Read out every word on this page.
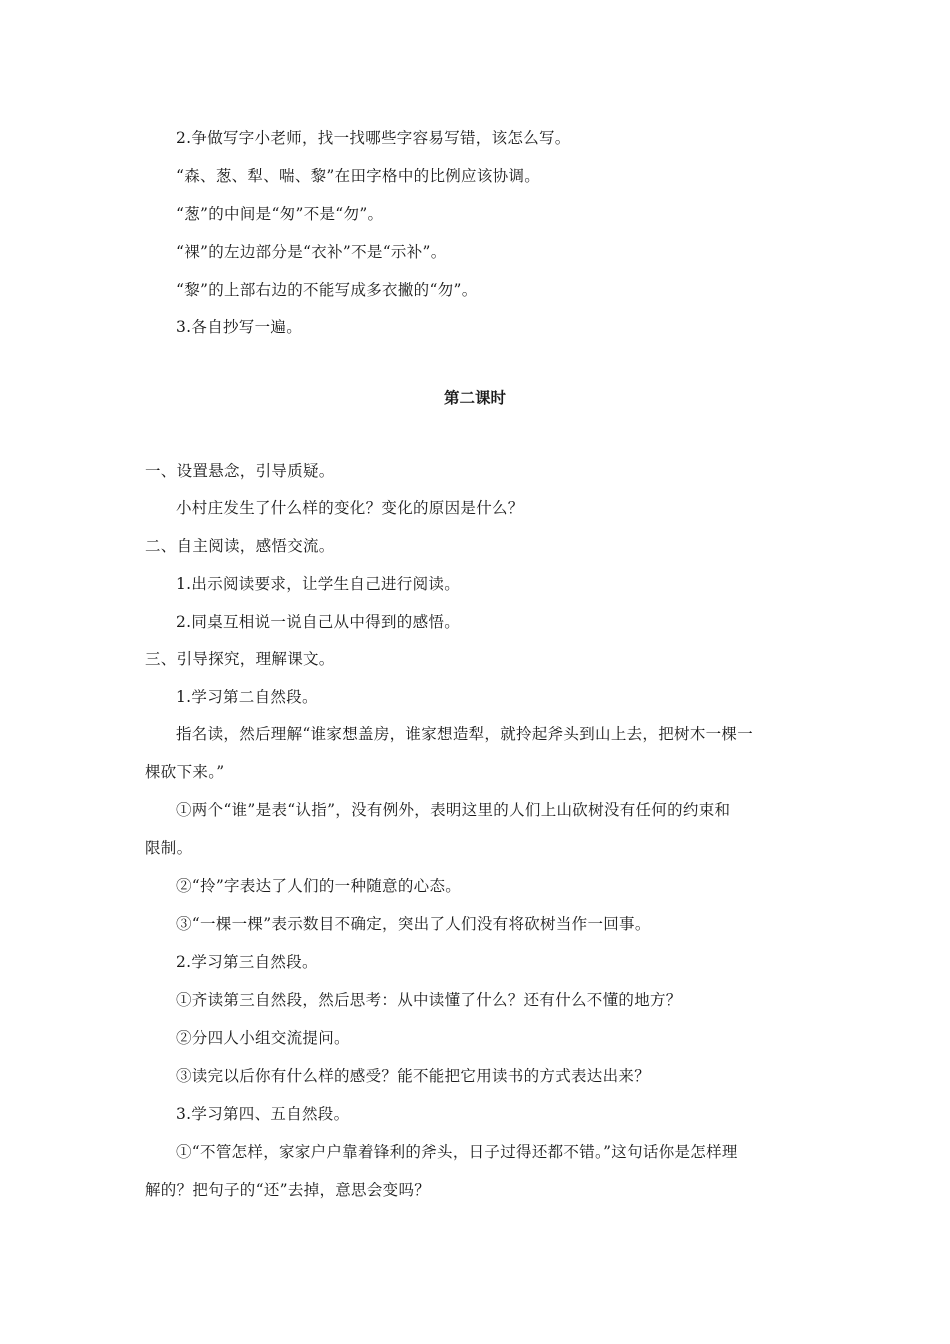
2.争做写字小老师，找一找哪些字容易写错，该怎么写。
“森、葱、犁、喘、黎”在田字格中的比例应该协调。
“葱”的中间是“匆”不是“勿”。
“裸”的左边部分是“衣补”不是“示补”。
“黎”的上部右边的不能写成多衣撇的“勿”。
3.各自抄写一遍。
第二课时
一、设置悬念，引导质疑。
小村庄发生了什么样的变化？变化的原因是什么？
二、自主阅读，感悟交流。
1.出示阅读要求，让学生自己进行阅读。
2.同桌互相说一说自己从中得到的感悟。
三、引导探究，理解课文。
1.学习第二自然段。
指名读，然后理解“谁家想盖房，谁家想造犁，就拎起斧头到山上去，把树木一棵一
棵砍下来。”
①两个“谁”是表“认指”，没有例外，表明这里的人们上山砍树没有任何的约束和
限制。
②“拎”字表达了人们的一种随意的心态。
③“一棵一棵”表示数目不确定，突出了人们没有将砍树当作一回事。
2.学习第三自然段。
①齐读第三自然段，然后思考：从中读懂了什么？还有什么不懂的地方？
②分四人小组交流提问。
③读完以后你有什么样的感受？能不能把它用读书的方式表达出来？
3.学习第四、五自然段。
①“不管怎样，家家户户靠着锋利的斧头，日子过得还都不错。”这句话你是怎样理
解的？把句子的“还”去掉，意思会变吗？
